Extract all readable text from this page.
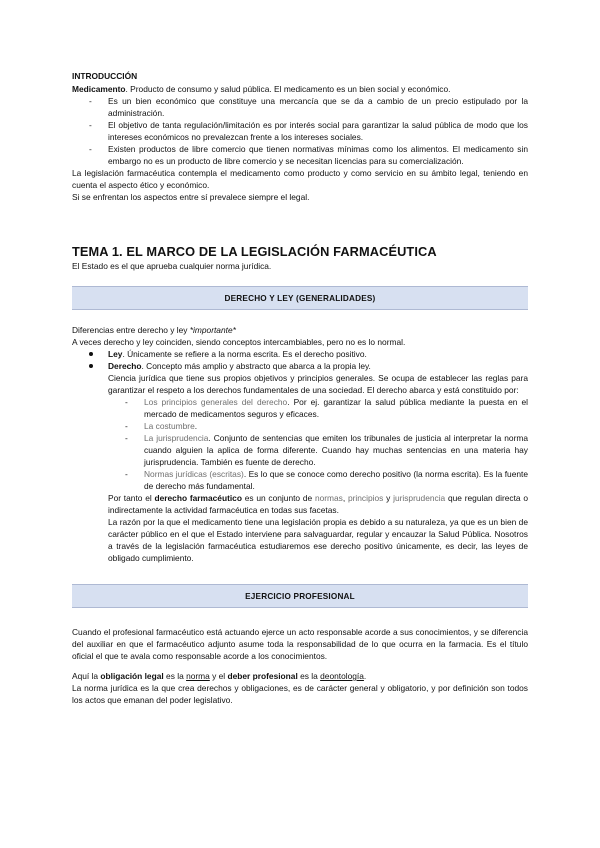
INTRODUCCIÓN

Medicamento. Producto de consumo y salud pública. El medicamento es un bien social y económico.

- Es un bien económico que constituye una mercancía que se da a cambio de un precio estipulado por la administración.
- El objetivo de tanta regulación/limitación es por interés social para garantizar la salud pública de modo que los intereses económicos no prevalezcan frente a los intereses sociales.
- Existen productos de libre comercio que tienen normativas mínimas como los alimentos. El medicamento sin embargo no es un producto de libre comercio y se necesitan licencias para su comercialización.

La legislación farmacéutica contempla el medicamento como producto y como servicio en su ámbito legal, teniendo en cuenta el aspecto ético y económico.

Si se enfrentan los aspectos entre sí prevalece siempre el legal.

TEMA 1. EL MARCO DE LA LEGISLACIÓN FARMACÉUTICA

El Estado es el que aprueba cualquier norma jurídica.

DERECHO Y LEY (GENERALIDADES)

Diferencias entre derecho y ley *importante*

A veces derecho y ley coinciden, siendo conceptos intercambiables, pero no es lo normal.

Ley. Únicamente se refiere a la norma escrita. Es el derecho positivo.
Derecho. Concepto más amplio y abstracto que abarca a la propia ley.

Ciencia jurídica que tiene sus propios objetivos y principios generales. Se ocupa de establecer las reglas para garantizar el respeto a los derechos fundamentales de una sociedad. El derecho abarca y está constituido por:

- Los principios generales del derecho. Por ej. garantizar la salud pública mediante la puesta en el mercado de medicamentos seguros y eficaces.
- La costumbre.
- La jurisprudencia. Conjunto de sentencias que emiten los tribunales de justicia al interpretar la norma cuando alguien la aplica de forma diferente. Cuando hay muchas sentencias en una materia hay jurisprudencia. También es fuente de derecho.
- Normas jurídicas (escritas). Es lo que se conoce como derecho positivo (la norma escrita). Es la fuente de derecho más fundamental.

Por tanto el derecho farmacéutico es un conjunto de normas, principios y jurisprudencia que regulan directa o indirectamente la actividad farmacéutica en todas sus facetas.

La razón por la que el medicamento tiene una legislación propia es debido a su naturaleza, ya que es un bien de carácter público en el que el Estado interviene para salvaguardar, regular y encauzar la Salud Pública. Nosotros a través de la legislación farmacéutica estudiaremos ese derecho positivo únicamente, es decir, las leyes de obligado cumplimiento.

EJERCICIO PROFESIONAL

Cuando el profesional farmacéutico está actuando ejerce un acto responsable acorde a sus conocimientos, y se diferencia del auxiliar en que el farmacéutico adjunto asume toda la responsabilidad de lo que ocurra en la farmacia. Es el título oficial el que te avala como responsable acorde a los conocimientos.

Aquí la obligación legal es la norma y el deber profesional es la deontología.

La norma jurídica es la que crea derechos y obligaciones, es de carácter general y obligatorio, y por definición son todos los actos que emanan del poder legislativo.
